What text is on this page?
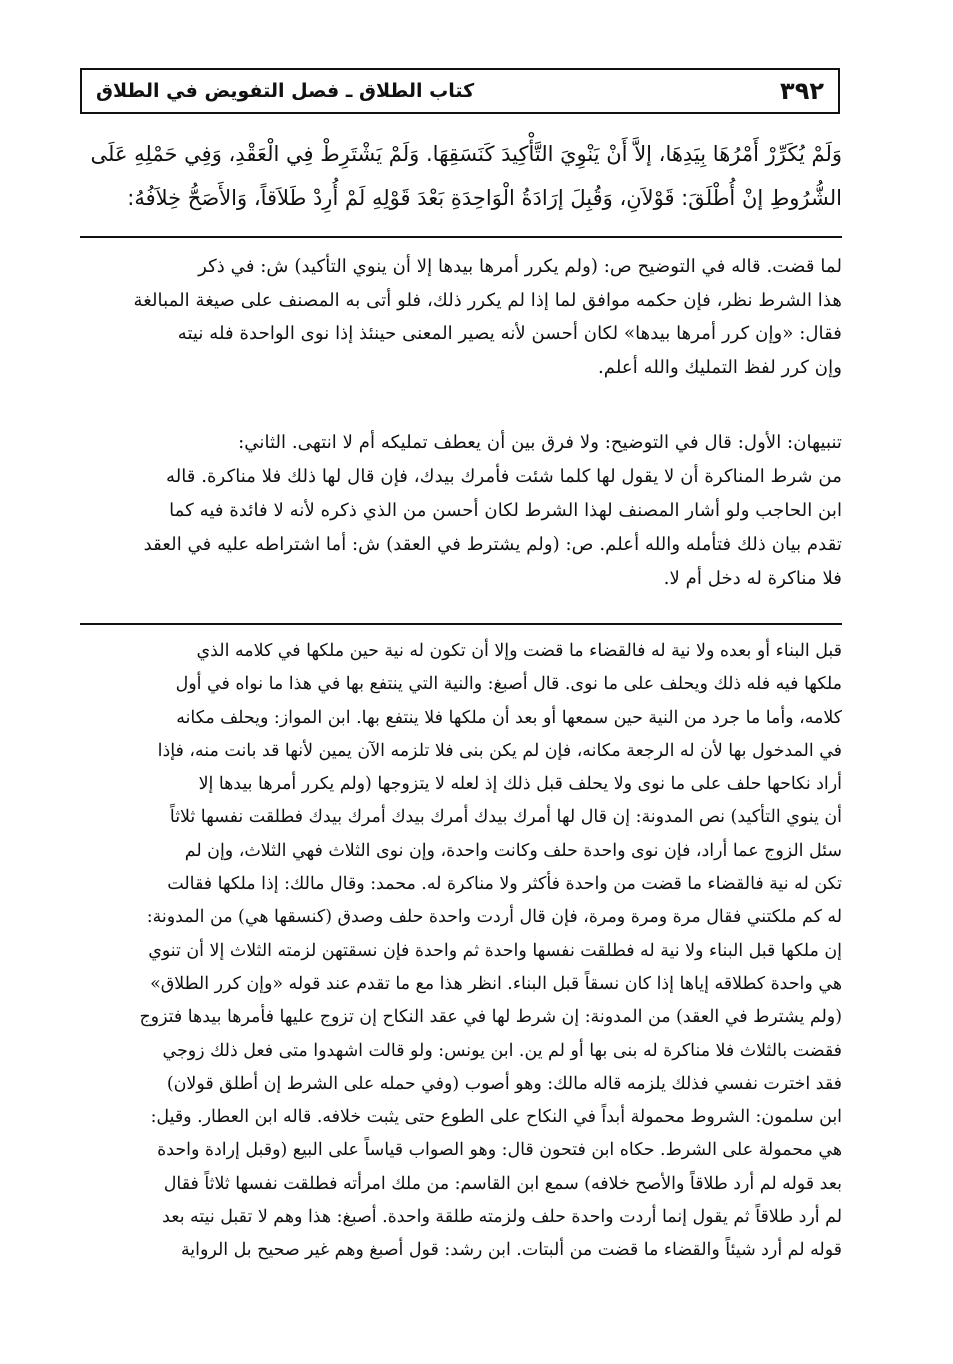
٣٩٢
كتاب الطلاق ـ فصل التفويض في الطلاق
وَلَمْ يُكَرِّرْ أَمْرُهَا بِيَدِهَا، إلاَّ أَنْ يَنْوِيَ التَّأْكِيدَ كَنَسَقِهَا. وَلَمْ يَشْتَرِطْ فِي الْعَقْدِ، وَفِي حَمْلِهِ عَلَى
الشُّرُوطِ إنْ أُطْلَقَ: قَوْلاَنِ، وَقُبِلَ إرَادَةُ الْوَاحِدَةِ بَعْدَ قَوْلِهِ لَمْ أُرِدْ طَلاَقاً، وَالأَصَحُّ خِلاَفُهُ:
لما قضت. قاله في التوضيح ص: (ولم يكرر أمرها بيدها إلا أن ينوي التأكيد) ش: في ذكر
هذا الشرط نظر، فإن حكمه موافق لما إذا لم يكرر ذلك، فلو أتى به المصنف على صيغة المبالغة
فقال: «وإن كرر أمرها بيدها» لكان أحسن لأنه يصير المعنى حينئذ إذا نوى الواحدة فله نيته
وإن كرر لفظ التمليك والله أعلم.
تنبيهان: الأول: قال في التوضيح: ولا فرق بين أن يعطف تمليكه أم لا انتهى. الثاني:
من شرط المناكرة أن لا يقول لها كلما شئت فأمرك بيدك، فإن قال لها ذلك فلا مناكرة. قاله
ابن الحاجب ولو أشار المصنف لهذا الشرط لكان أحسن من الذي ذكره لأنه لا فائدة فيه كما
تقدم بيان ذلك فتأمله والله أعلم. ص: (ولم يشترط في العقد) ش: أما اشتراطه عليه في العقد
فلا مناكرة له دخل أم لا.
قبل البناء أو بعده ولا نية له فالقضاء ما قضت وإلا أن تكون له نية حين ملكها في كلامه الذي
ملكها فيه فله ذلك ويحلف على ما نوى. قال أصبغ: والنية التي ينتفع بها في هذا ما نواه في أول
كلامه، وأما ما جرد من النية حين سمعها أو بعد أن ملكها فلا ينتفع بها. ابن المواز: ويحلف مكانه
في المدخول بها لأن له الرجعة مكانه، فإن لم يكن بنى فلا تلزمه الآن يمين لأنها قد بانت منه، فإذا
أراد نكاحها حلف على ما نوى ولا يحلف قبل ذلك إذ لعله لا يتزوجها (ولم يكرر أمرها بيدها إلا
أن ينوي التأكيد) نص المدونة: إن قال لها أمرك بيدك أمرك بيدك أمرك بيدك فطلقت نفسها ثلاثاً
سئل الزوج عما أراد، فإن نوى واحدة حلف وكانت واحدة، وإن نوى الثلاث فهي الثلاث، وإن لم
تكن له نية فالقضاء ما قضت من واحدة فأكثر ولا مناكرة له. محمد: وقال مالك: إذا ملكها فقالت
له كم ملكتني فقال مرة ومرة ومرة، فإن قال أردت واحدة حلف وصدق (كنسقها هي) من المدونة:
إن ملكها قبل البناء ولا نية له فطلقت نفسها واحدة ثم واحدة فإن نسقتهن لزمته الثلاث إلا أن تنوي
هي واحدة كطلاقه إياها إذا كان نسقاً قبل البناء. انظر هذا مع ما تقدم عند قوله «وإن كرر الطلاق»
(ولم يشترط في العقد) من المدونة: إن شرط لها في عقد النكاح إن تزوج عليها فأمرها بيدها فتزوج
فقضت بالثلاث فلا مناكرة له بنى بها أو لم ين. ابن يونس: ولو قالت اشهدوا متى فعل ذلك زوجي
فقد اخترت نفسي فذلك يلزمه قاله مالك: وهو أصوب (وفي حمله على الشرط إن أطلق قولان)
ابن سلمون: الشروط محمولة أبداً في النكاح على الطوع حتى يثبت خلافه. قاله ابن العطار. وقيل:
هي محمولة على الشرط. حكاه ابن فتحون قال: وهو الصواب قياساً على البيع (وقبل إرادة واحدة
بعد قوله لم أرد طلاقاً والأصح خلافه) سمع ابن القاسم: من ملك امرأته فطلقت نفسها ثلاثاً فقال
لم أرد طلاقاً ثم يقول إنما أردت واحدة حلف ولزمته طلقة واحدة. أصبغ: هذا وهم لا تقبل نيته بعد
قوله لم أرد شيئاً والقضاء ما قضت من ألبتات. ابن رشد: قول أصبغ وهم غير صحيح بل الرواية
